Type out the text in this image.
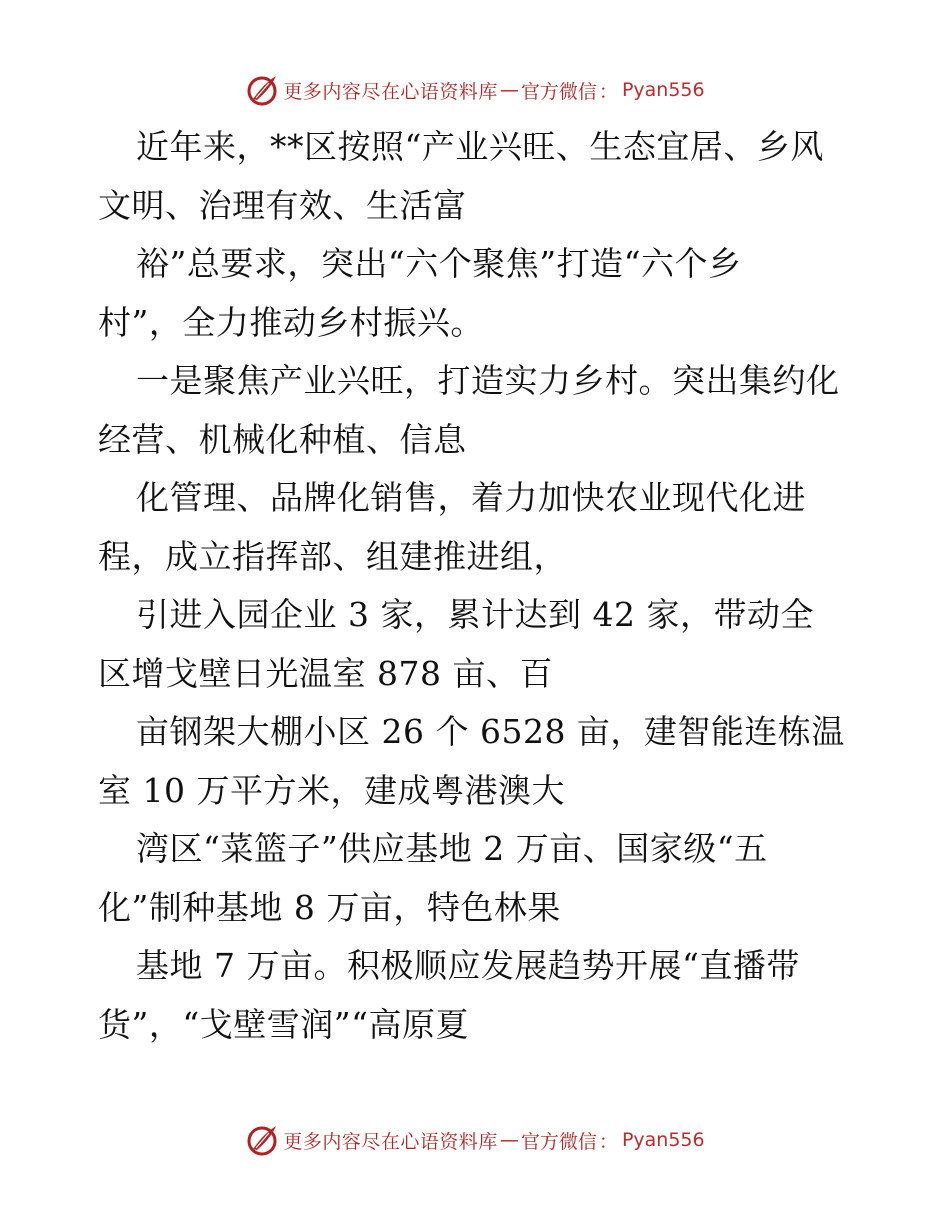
更多内容尽在心语资料库 — 官方微信 ： Pyan556
近年来，**区按照“产业兴旺、生态宜居、乡风
文明、治理有效、生活富
裕”总要求，突出“六个聚焦”打造“六个乡
村”，全力推动乡村振兴。
一是聚焦产业兴旺，打造实力乡村。突出集约化
经营、机械化种植、信息
化管理、品牌化销售，着力加快农业现代化进
程，成立指挥部、组建推进组，
引进入园企业 3 家，累计达到 42 家，带动全
区增戈壁日光温室 878 亩、百
亩钢架大棚小区 26 个 6528 亩，建智能连栋温
室 10 万平方米，建成粤港澳大
湾区“菜篮子”供应基地 2 万亩、国家级“五
化”制种基地 8 万亩，特色林果
基地 7 万亩。积极顺应发展趋势开展“直播带
货”，“戈壁雪润”“高原夏
更多内容尽在心语资料库 — 官方微信 ： Pyan556
